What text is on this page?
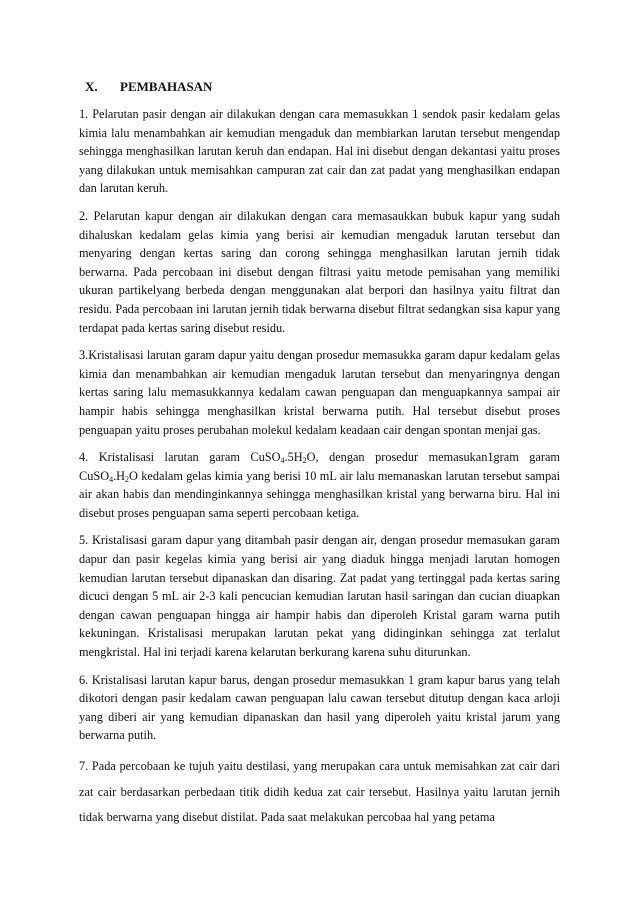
X.	PEMBAHASAN

1. Pelarutan pasir dengan air dilakukan dengan cara memasukkan 1 sendok pasir kedalam gelas kimia lalu menambahkan air kemudian mengaduk dan membiarkan larutan tersebut mengendap sehingga menghasilkan larutan keruh dan endapan. Hal ini disebut dengan dekantasi yaitu proses yang dilakukan untuk memisahkan campuran zat cair dan zat padat yang menghasilkan endapan dan larutan keruh.

2. Pelarutan kapur dengan air dilakukan dengan cara memasaukkan bubuk kapur yang sudah dihaluskan kedalam gelas kimia yang berisi air kemudian mengaduk larutan tersebut dan menyaring dengan kertas saring dan corong sehingga menghasilkan larutan jernih tidak berwarna. Pada percobaan ini disebut dengan filtrasi yaitu metode pemisahan yang memiliki ukuran partikelyang berbeda dengan menggunakan alat berpori dan hasilnya yaitu filtrat dan residu. Pada percobaan ini larutan jernih tidak berwarna disebut filtrat sedangkan sisa kapur yang terdapat pada kertas saring disebut residu.

3.Kristalisasi larutan garam dapur yaitu dengan prosedur memasukka garam dapur kedalam gelas kimia dan menambahkan air kemudian mengaduk larutan tersebut dan menyaringnya dengan kertas saring lalu memasukkannya kedalam cawan penguapan dan menguapkannya sampai air hampir habis sehingga menghasilkan kristal berwarna putih. Hal tersebut disebut proses penguapan yaitu proses perubahan molekul kedalam keadaan cair dengan spontan menjai gas.

4. Kristalisasi larutan garam $CuSO_4.5H_2O$, dengan prosedur memasukan1gram garam $CuSO_4.H_2O$ kedalam gelas kimia yang berisi 10 mL air lalu memanaskan larutan tersebut sampai air akan habis dan mendinginkannya sehingga menghasilkan kristal yang berwarna biru. Hal ini disebut proses penguapan sama seperti percobaan ketiga.

5. Kristalisasi garam dapur yang ditambah pasir dengan air, dengan prosedur memasukan garam dapur dan pasir kegelas kimia yang berisi air yang diaduk hingga menjadi larutan homogen kemudian larutan tersebut dipanaskan dan disaring. Zat padat yang tertinggal pada kertas saring dicuci dengan 5 mL air 2-3 kali pencucian kemudian larutan hasil saringan dan cucian diuapkan dengan cawan penguapan hingga air hampir habis dan diperoleh Kristal garam warna putih kekuningan. Kristalisasi merupakan larutan pekat yang didinginkan sehingga zat terlalut mengkristal. Hal ini terjadi karena kelarutan berkurang karena suhu diturunkan.

6. Kristalisasi larutan kapur barus, dengan prosedur memasukkan 1 gram kapur barus yang telah dikotori dengan pasir kedalam cawan penguapan lalu cawan tersebut ditutup dengan kaca arloji yang diberi air yang kemudian dipanaskan dan hasil yang diperoleh yaitu kristal jarum yang berwarna putih.

7. Pada percobaan ke tujuh yaitu destilasi, yang merupakan cara untuk memisahkan zat cair dari zat cair berdasarkan perbedaan titik didih kedua zat cair tersebut. Hasilnya yaitu larutan jernih tidak berwarna yang disebut distilat. Pada saat melakukan percobaa hal yang petama
